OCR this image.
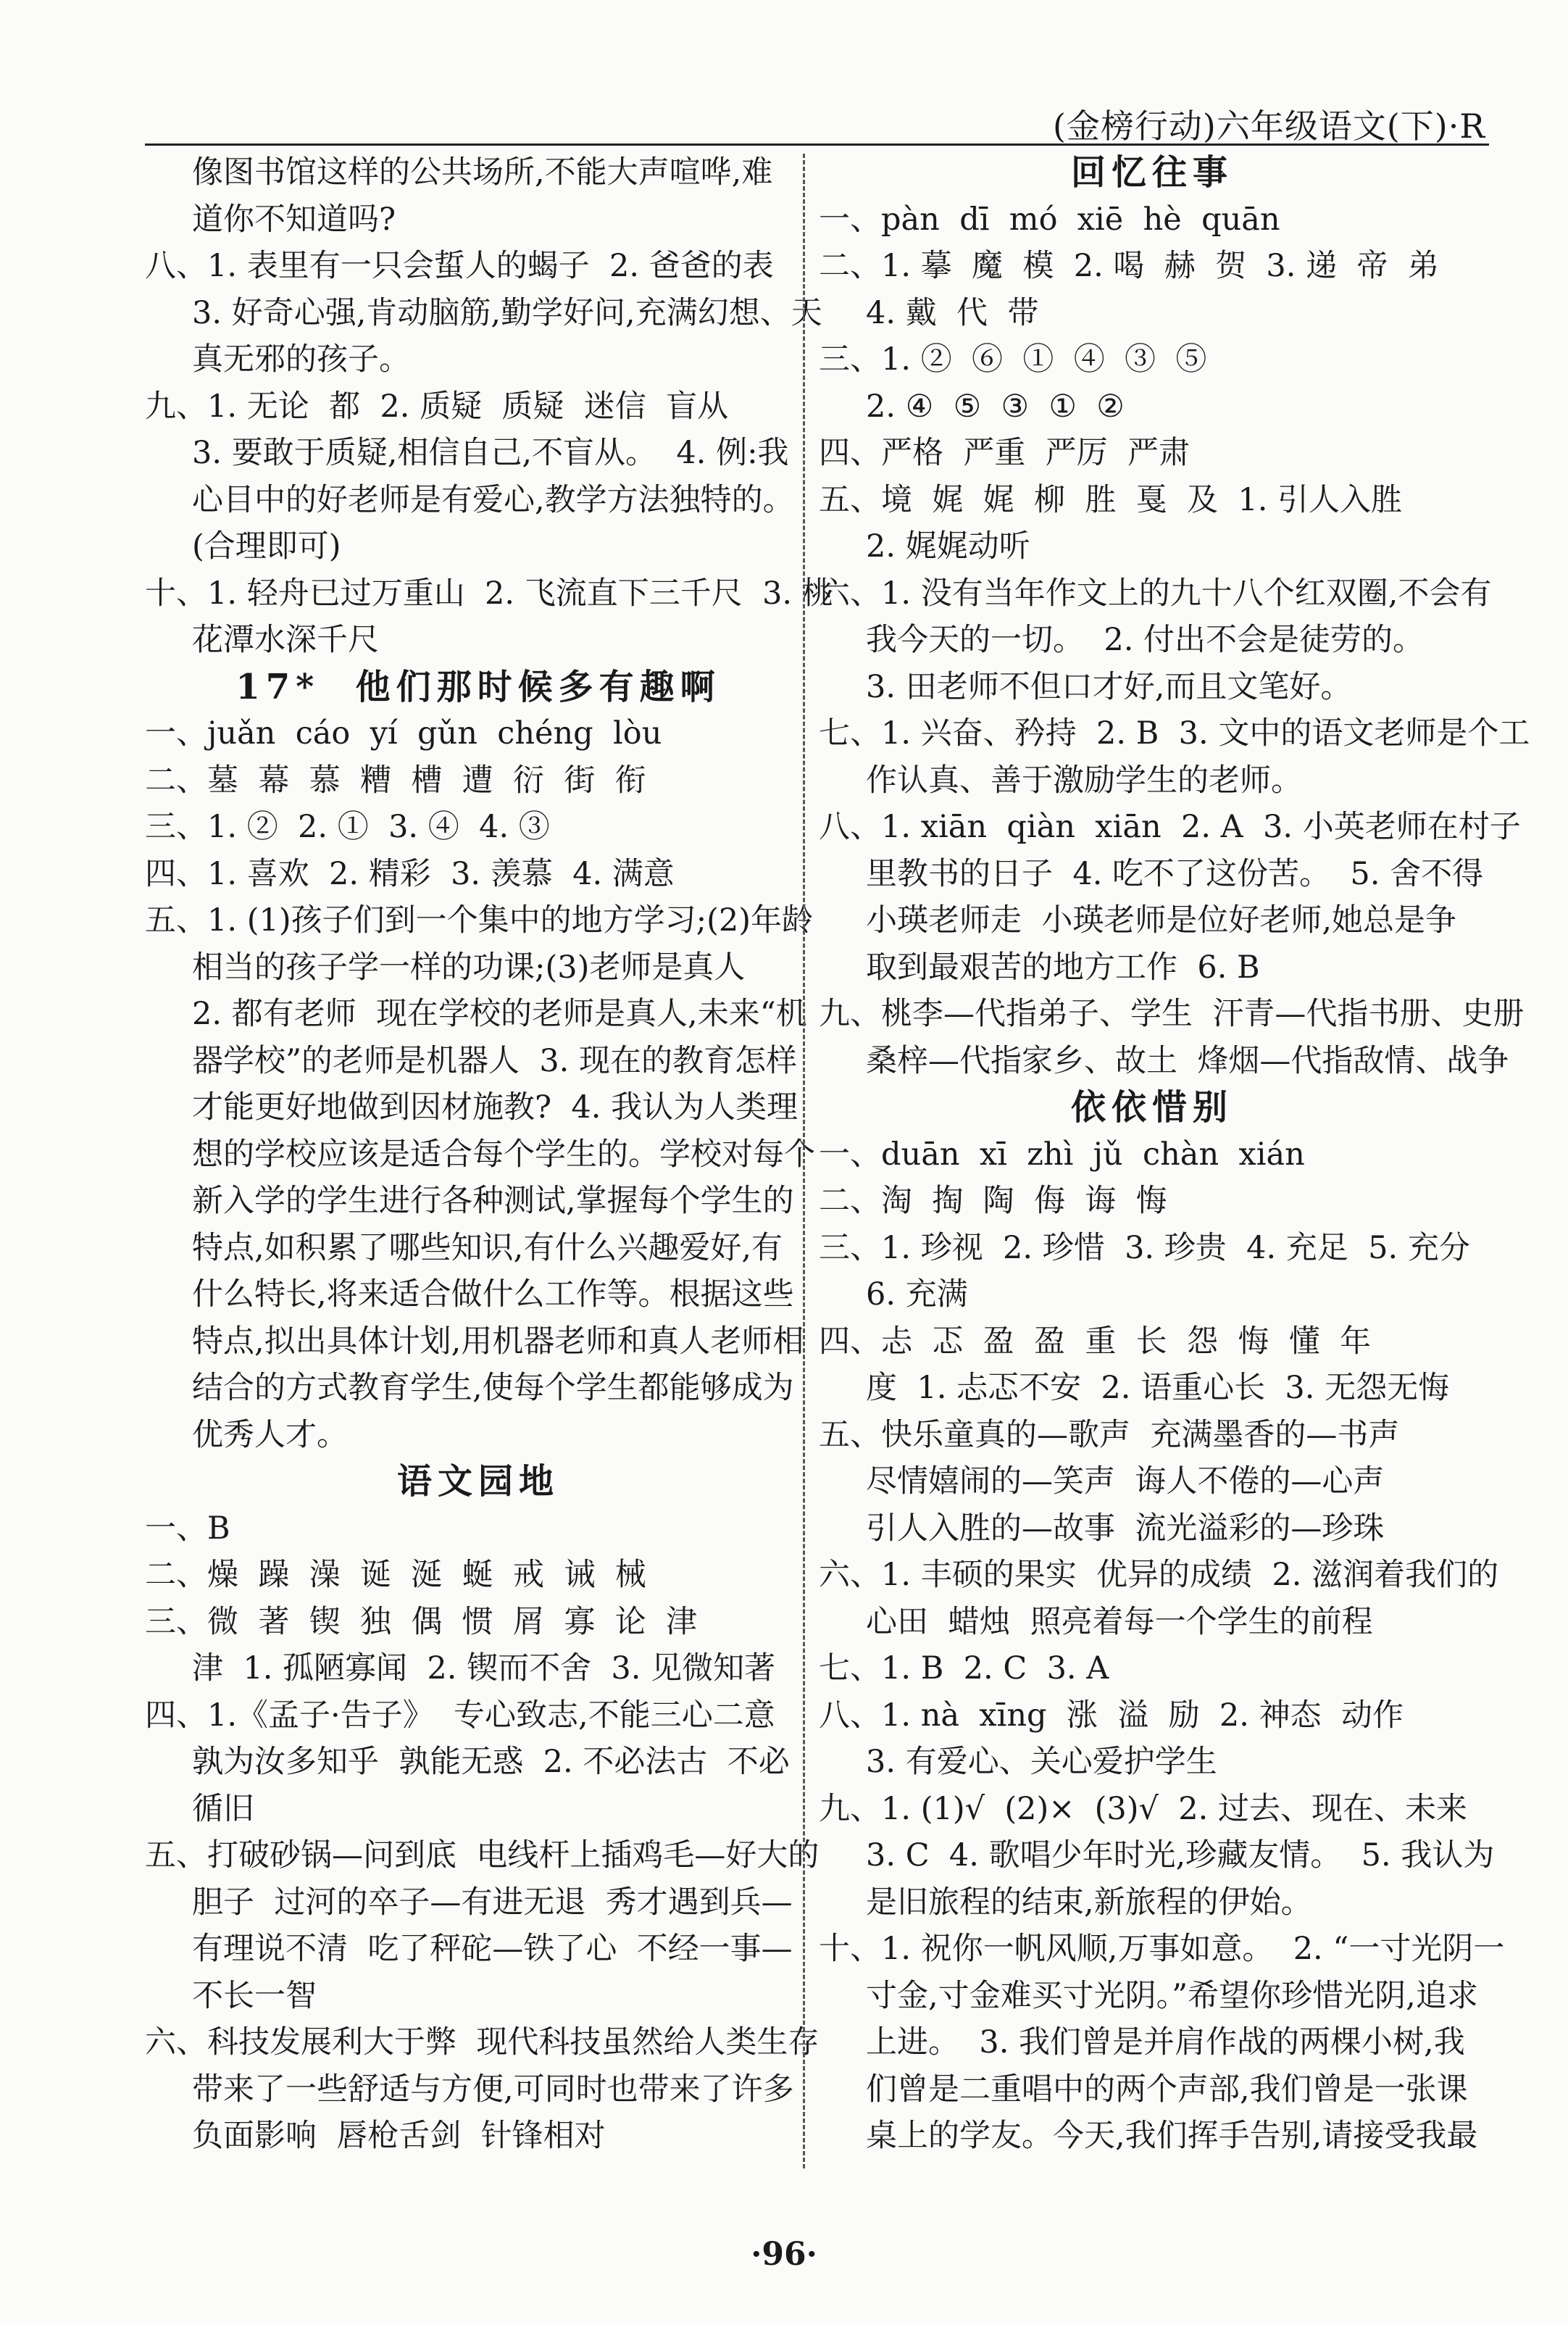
(金榜行动)六年级语文(下)·R
像图书馆这样的公共场所,不能大声喧哗,难
道你不知道吗?
八、1. 表里有一只会蜇人的蝎子  2. 爸爸的表
3. 好奇心强,肯动脑筋,勤学好问,充满幻想、天
真无邪的孩子。
九、1. 无论  都  2. 质疑  质疑  迷信  盲从
3. 要敢于质疑,相信自己,不盲从。  4. 例:我
心目中的好老师是有爱心,教学方法独特的。
(合理即可)
十、1. 轻舟已过万重山  2. 飞流直下三千尺  3. 桃
花潭水深千尺
17*  他们那时候多有趣啊
一、juǎn  cáo  yí  gǔn  chéng  lòu
二、墓  幕  慕  糟  槽  遭  衍  街  衔
三、1. ②  2. ①  3. ④  4. ③
四、1. 喜欢  2. 精彩  3. 羡慕  4. 满意
五、1. (1)孩子们到一个集中的地方学习;(2)年龄
相当的孩子学一样的功课;(3)老师是真人
2. 都有老师  现在学校的老师是真人,未来“机
器学校”的老师是机器人  3. 现在的教育怎样
才能更好地做到因材施教?  4. 我认为人类理
想的学校应该是适合每个学生的。学校对每个
新入学的学生进行各种测试,掌握每个学生的
特点,如积累了哪些知识,有什么兴趣爱好,有
什么特长,将来适合做什么工作等。根据这些
特点,拟出具体计划,用机器老师和真人老师相
结合的方式教育学生,使每个学生都能够成为
优秀人才。
语文园地
一、B
二、燥  躁  澡  诞  涎  蜒  戒  诫  械
三、微  著  锲  独  偶  惯  屑  寡  论  津
津  1. 孤陋寡闻  2. 锲而不舍  3. 见微知著
四、1.《孟子·告子》  专心致志,不能三心二意
孰为汝多知乎  孰能无惑  2. 不必法古  不必
循旧
五、打破砂锅—问到底  电线杆上插鸡毛—好大的
胆子  过河的卒子—有进无退  秀才遇到兵—
有理说不清  吃了秤砣—铁了心  不经一事—
不长一智
六、科技发展利大于弊  现代科技虽然给人类生存
带来了一些舒适与方便,可同时也带来了许多
负面影响  唇枪舌剑  针锋相对
回忆往事
一、pàn  dī  mó  xiē  hè  quān
二、1. 摹  魔  模  2. 喝  赫  贺  3. 递  帝  弟
4. 戴  代  带
三、1. ②  ⑥  ①  ④  ③  ⑤
2. ④  ⑤  ③  ①  ②
四、严格  严重  严厉  严肃
五、境  娓  娓  柳  胜  戛  及  1. 引人入胜
2. 娓娓动听
六、1. 没有当年作文上的九十八个红双圈,不会有
我今天的一切。  2. 付出不会是徒劳的。
3. 田老师不但口才好,而且文笔好。
七、1. 兴奋、矜持  2. B  3. 文中的语文老师是个工
作认真、善于激励学生的老师。
八、1. xiān  qiàn  xiān  2. A  3. 小英老师在村子
里教书的日子  4. 吃不了这份苦。  5. 舍不得
小瑛老师走  小瑛老师是位好老师,她总是争
取到最艰苦的地方工作  6. B
九、桃李—代指弟子、学生  汗青—代指书册、史册
桑梓—代指家乡、故土  烽烟—代指敌情、战争
依依惜别
一、duān  xī  zhì  jǔ  chàn  xián
二、淘  掏  陶  侮  诲  悔
三、1. 珍视  2. 珍惜  3. 珍贵  4. 充足  5. 充分
6. 充满
四、忐  忑  盈  盈  重  长  怨  悔  懂  年
度  1. 忐忑不安  2. 语重心长  3. 无怨无悔
五、快乐童真的—歌声  充满墨香的—书声
尽情嬉闹的—笑声  诲人不倦的—心声
引人入胜的—故事  流光溢彩的—珍珠
六、1. 丰硕的果实  优异的成绩  2. 滋润着我们的
心田  蜡烛  照亮着每一个学生的前程
七、1. B  2. C  3. A
八、1. nà  xīng  涨  溢  励  2. 神态  动作
3. 有爱心、关心爱护学生
九、1. (1)√  (2)×  (3)√  2. 过去、现在、未来
3. C  4. 歌唱少年时光,珍藏友情。  5. 我认为
是旧旅程的结束,新旅程的伊始。
十、1. 祝你一帆风顺,万事如意。  2. “一寸光阴一
寸金,寸金难买寸光阴。”希望你珍惜光阴,追求
上进。  3. 我们曾是并肩作战的两棵小树,我
们曾是二重唱中的两个声部,我们曾是一张课
桌上的学友。今天,我们挥手告别,请接受我最
·96·
